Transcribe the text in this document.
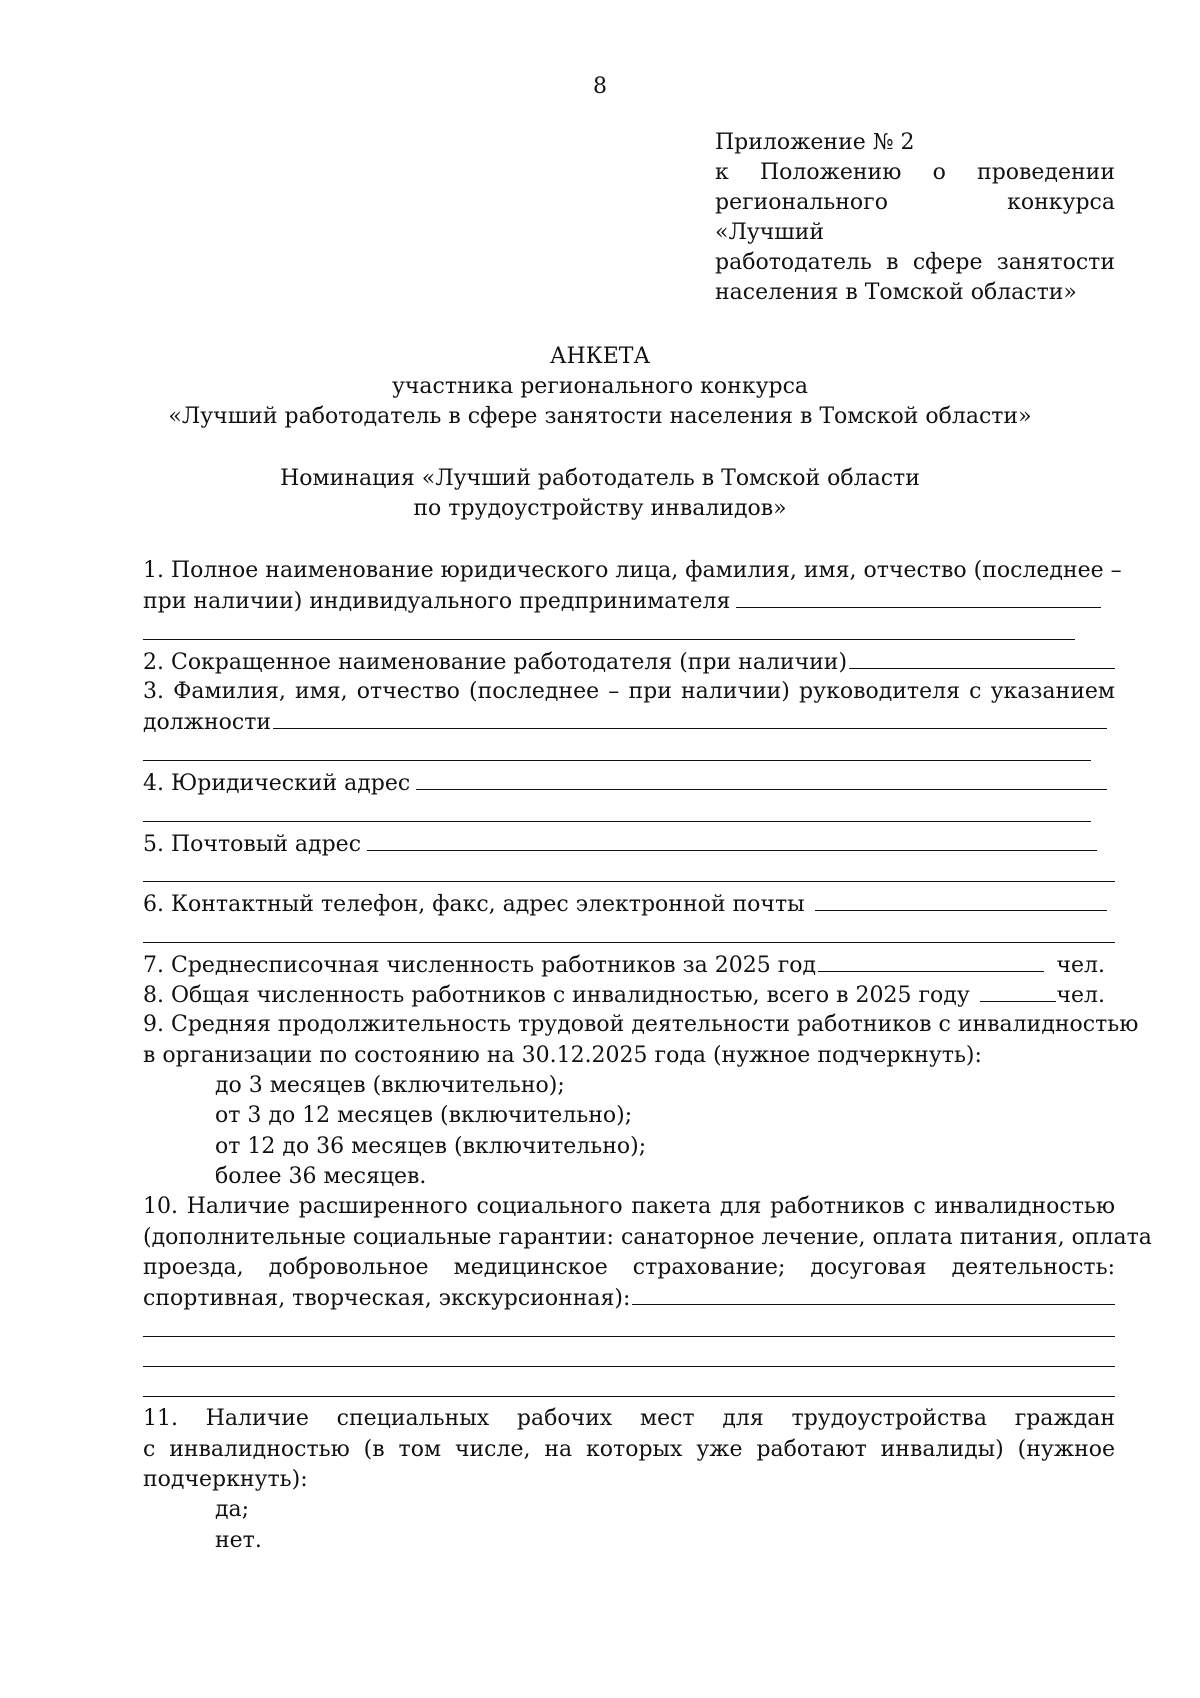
8
Приложение № 2
к Положению о проведении
регионального конкурса «Лучший
работодатель в сфере занятости
населения в Томской области»
АНКЕТА
участника регионального конкурса
«Лучший работодатель в сфере занятости населения в Томской области»
Номинация «Лучший работодатель в Томской области
по трудоустройству инвалидов»
1. Полное наименование юридического лица, фамилия, имя, отчество (последнее –
при наличии) индивидуального предпринимателя
2. Сокращенное наименование работодателя (при наличии)
3. Фамилия, имя, отчество (последнее – при наличии) руководителя с указанием
должности
4. Юридический адрес
5. Почтовый адрес
6. Контактный телефон, факс, адрес электронной почты
7. Среднесписочная численность работников за 2025 год	чел.
8. Общая численность работников с инвалидностью, всего в 2025 году	чел.
9. Средняя продолжительность трудовой деятельности работников с инвалидностью
в организации по состоянию на 30.12.2025 года (нужное подчеркнуть):
до 3 месяцев (включительно);
от 3 до 12 месяцев (включительно);
от 12 до 36 месяцев (включительно);
более 36 месяцев.
10. Наличие расширенного социального пакета для работников с инвалидностью
(дополнительные социальные гарантии: санаторное лечение, оплата питания, оплата
проезда, добровольное медицинское страхование; досуговая деятельность:
спортивная, творческая, экскурсионная):
11. Наличие специальных рабочих мест для трудоустройства граждан
с инвалидностью (в том числе, на которых уже работают инвалиды) (нужное
подчеркнуть):
да;
нет.
